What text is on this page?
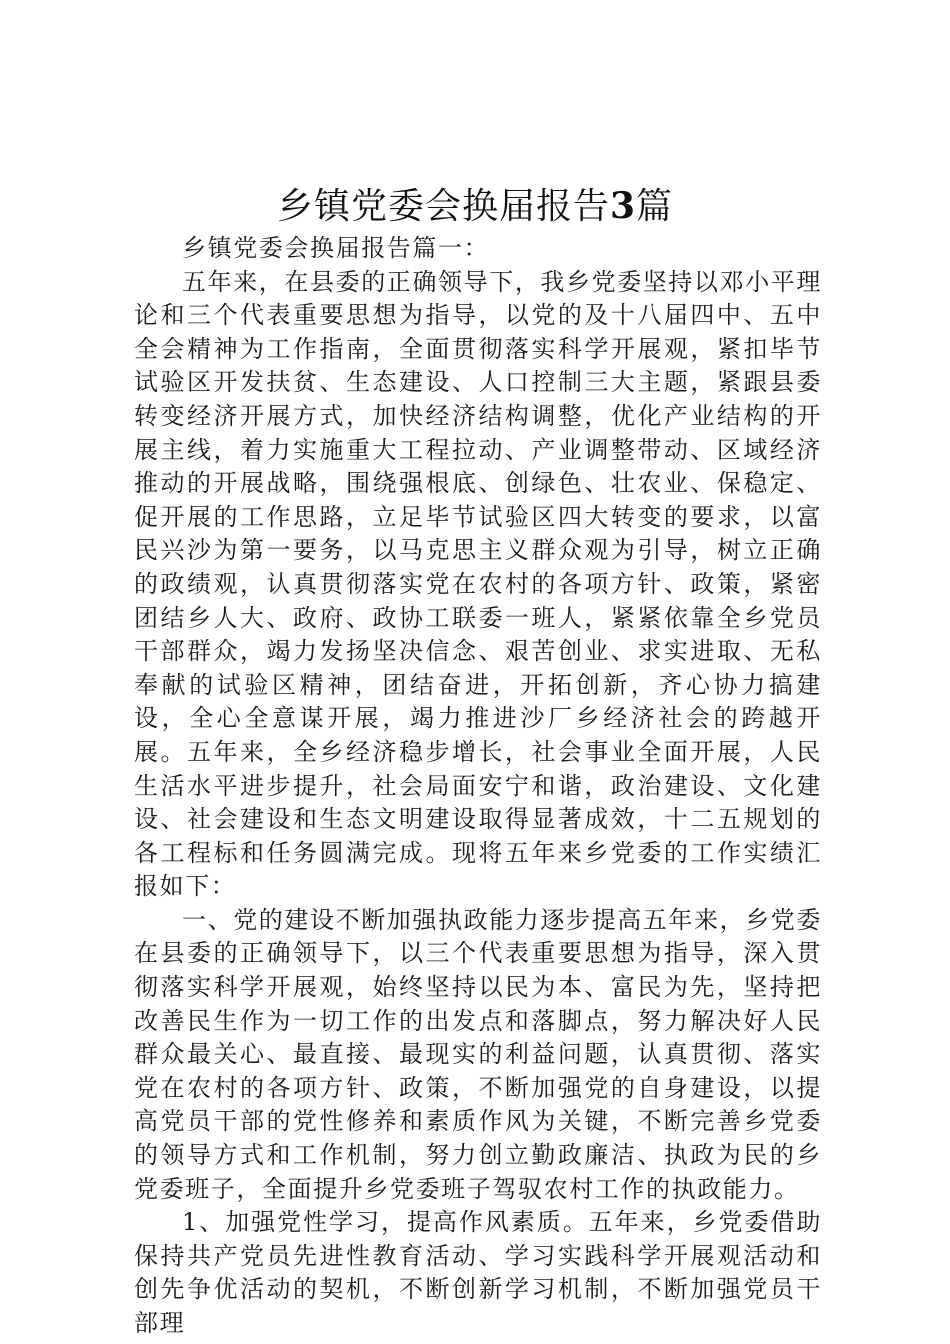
乡镇党委会换届报告3篇

乡镇党委会换届报告篇一：

五年来，在县委的正确领导下，我乡党委坚持以邓小平理论和三个代表重要思想为指导，以党的及十八届四中、五中全会精神为工作指南，全面贯彻落实科学开展观，紧扣毕节试验区开发扶贫、生态建设、人口控制三大主题，紧跟县委转变经济开展方式，加快经济结构调整，优化产业结构的开展主线，着力实施重大工程拉动、产业调整带动、区域经济推动的开展战略，围绕强根底、创绿色、壮农业、保稳定、促开展的工作思路，立足毕节试验区四大转变的要求，以富民兴沙为第一要务，以马克思主义群众观为引导，树立正确的政绩观，认真贯彻落实党在农村的各项方针、政策，紧密团结乡人大、政府、政协工联委一班人，紧紧依靠全乡党员干部群众，竭力发扬坚决信念、艰苦创业、求实进取、无私奉献的试验区精神，团结奋进，开拓创新，齐心协力搞建设，全心全意谋开展，竭力推进沙厂乡经济社会的跨越开展。五年来，全乡经济稳步增长，社会事业全面开展，人民生活水平进步提升，社会局面安宁和谐，政治建设、文化建设、社会建设和生态文明建设取得显著成效，十二五规划的各工程标和任务圆满完成。现将五年来乡党委的工作实绩汇报如下：

一、党的建设不断加强执政能力逐步提高五年来，乡党委在县委的正确领导下，以三个代表重要思想为指导，深入贯彻落实科学开展观，始终坚持以民为本、富民为先，坚持把改善民生作为一切工作的出发点和落脚点，努力解决好人民群众最关心、最直接、最现实的利益问题，认真贯彻、落实党在农村的各项方针、政策，不断加强党的自身建设，以提高党员干部的党性修养和素质作风为关键，不断完善乡党委的领导方式和工作机制，努力创立勤政廉洁、执政为民的乡党委班子，全面提升乡党委班子驾驭农村工作的执政能力。

1、加强党性学习，提高作风素质。五年来，乡党委借助保持共产党员先进性教育活动、学习实践科学开展观活动和创先争优活动的契机，不断创新学习机制，不断加强党员干部理
